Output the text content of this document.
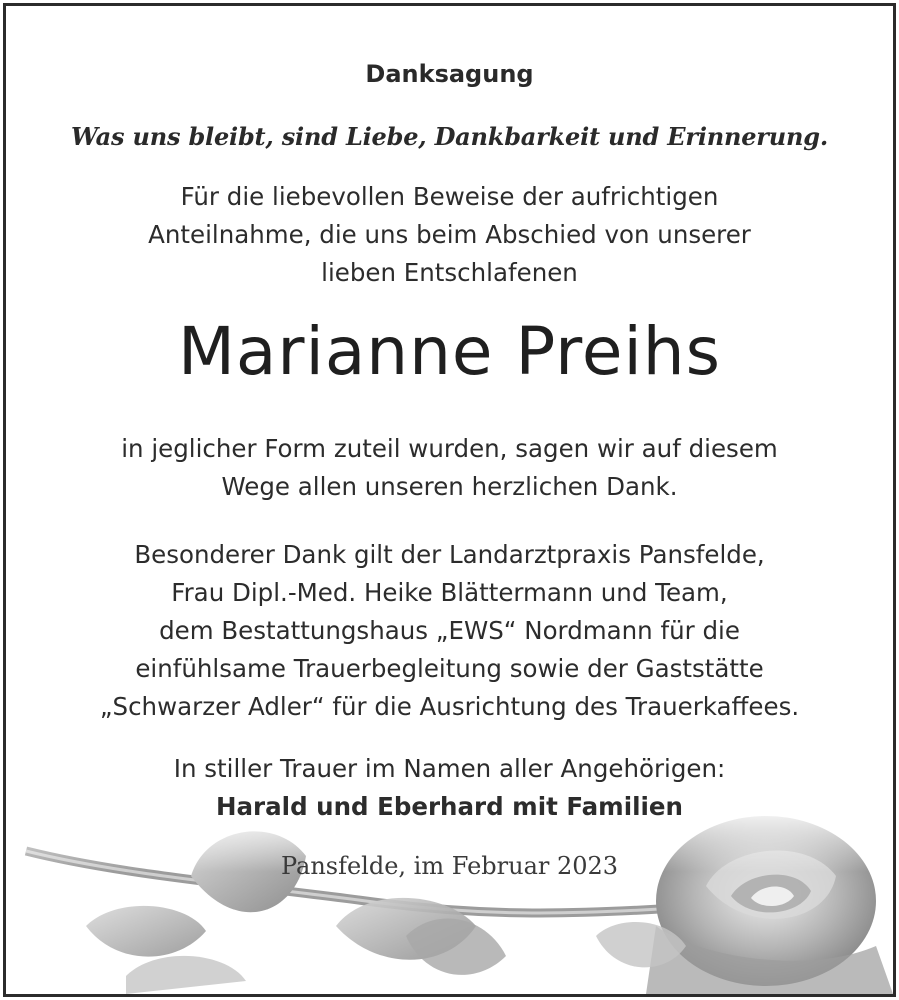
Danksagung
Was uns bleibt, sind Liebe, Dankbarkeit und Erinnerung.
Für die liebevollen Beweise der aufrichtigen
Anteilnahme, die uns beim Abschied von unserer
lieben Entschlafenen
Marianne Preihs
in jeglicher Form zuteil wurden, sagen wir auf diesem
Wege allen unseren herzlichen Dank.
Besonderer Dank gilt der Landarztpraxis Pansfelde,
Frau Dipl.-Med. Heike Blättermann und Team,
dem Bestattungshaus „EWS“ Nordmann für die
einfühlsame Trauerbegleitung sowie der Gaststätte
„Schwarzer Adler“ für die Ausrichtung des Trauerkaffees.
In stiller Trauer im Namen aller Angehörigen:
Harald und Eberhard mit Familien
Pansfelde, im Februar 2023
